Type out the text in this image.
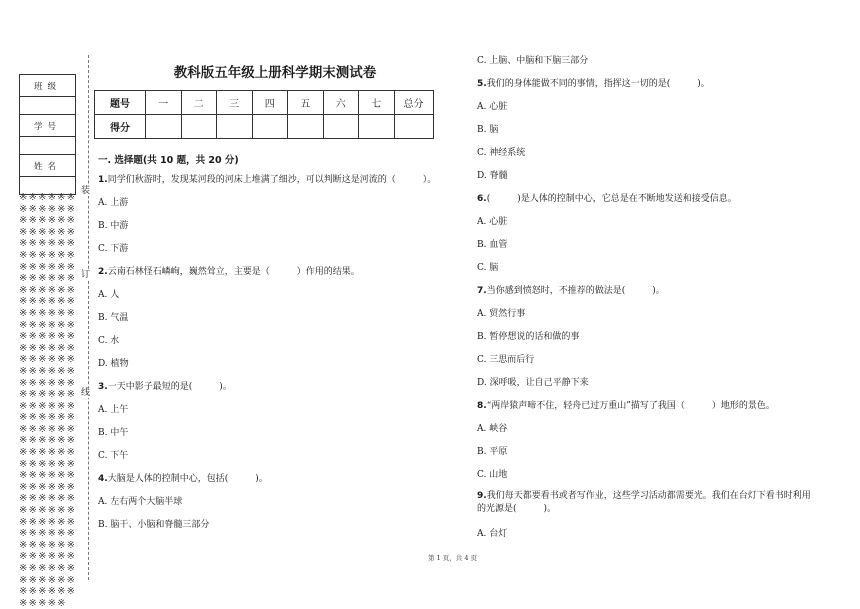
班级

学号

姓名

※※※※※※※※※※※※※※※※※※※※※※※※※※※※※※※※※※※※※※※※※※※※※※※※※※※※※※※※※※※※※※※※※※※※※※※※※※※※※※※※※※※※※※※※※※※※※※※※※※※※※※※※※※※※※※※※※※※※※※※※※※※※※※※※※※※※※※※※※※※※※※※※※※※※※※※※※※※※※※※※※※※※※※※※※※※※※※※※※※※※※※※※※※※※※※※※※※※※※※※※※※※※※※※※※※※※※※※
装
订
线
教科版五年级上册科学期末测试卷
题号	一	二	三	四	五	六	七	总分
得分								
一. 选择题(共 10 题，共 20 分)
1.同学们秋游时，发现某河段的河床上堆满了细沙，可以判断这是河流的（　　　）。
A. 上游
B. 中游
C. 下游
2.云南石林怪石嶙峋，巍然耸立，主要是（　　　）作用的结果。
A. 人
B. 气温
C. 水
D. 植物
3.一天中影子最短的是(　　　)。
A. 上午
B. 中午
C. 下午
4.大脑是人体的控制中心，包括(　　　)。
A. 左右两个大脑半球
B. 脑干、小脑和脊髓三部分
C. 上脑、中脑和下脑三部分
5.我们的身体能做不同的事情，指挥这一切的是(　　　)。
A. 心脏
B. 脑
C. 神经系统
D. 脊髓
6.(　　　)是人体的控制中心，它总是在不断地发送和接受信息。
A. 心脏
B. 血管
C. 脑
7.当你感到愤怒时，不推荐的做法是(　　　)。
A. 贸然行事
B. 暂停想说的话和做的事
C. 三思而后行
D. 深呼吸，让自己平静下来
8.“两岸猿声啼不住，轻舟已过万重山”描写了我国（　　　）地形的景色。
A. 峡谷
B. 平原
C. 山地
9.我们每天都要看书或者写作业，这些学习活动都需要光。我们在台灯下看书时利用的光源是(　　　)。
A. 台灯
第 1 页，共 4 页
